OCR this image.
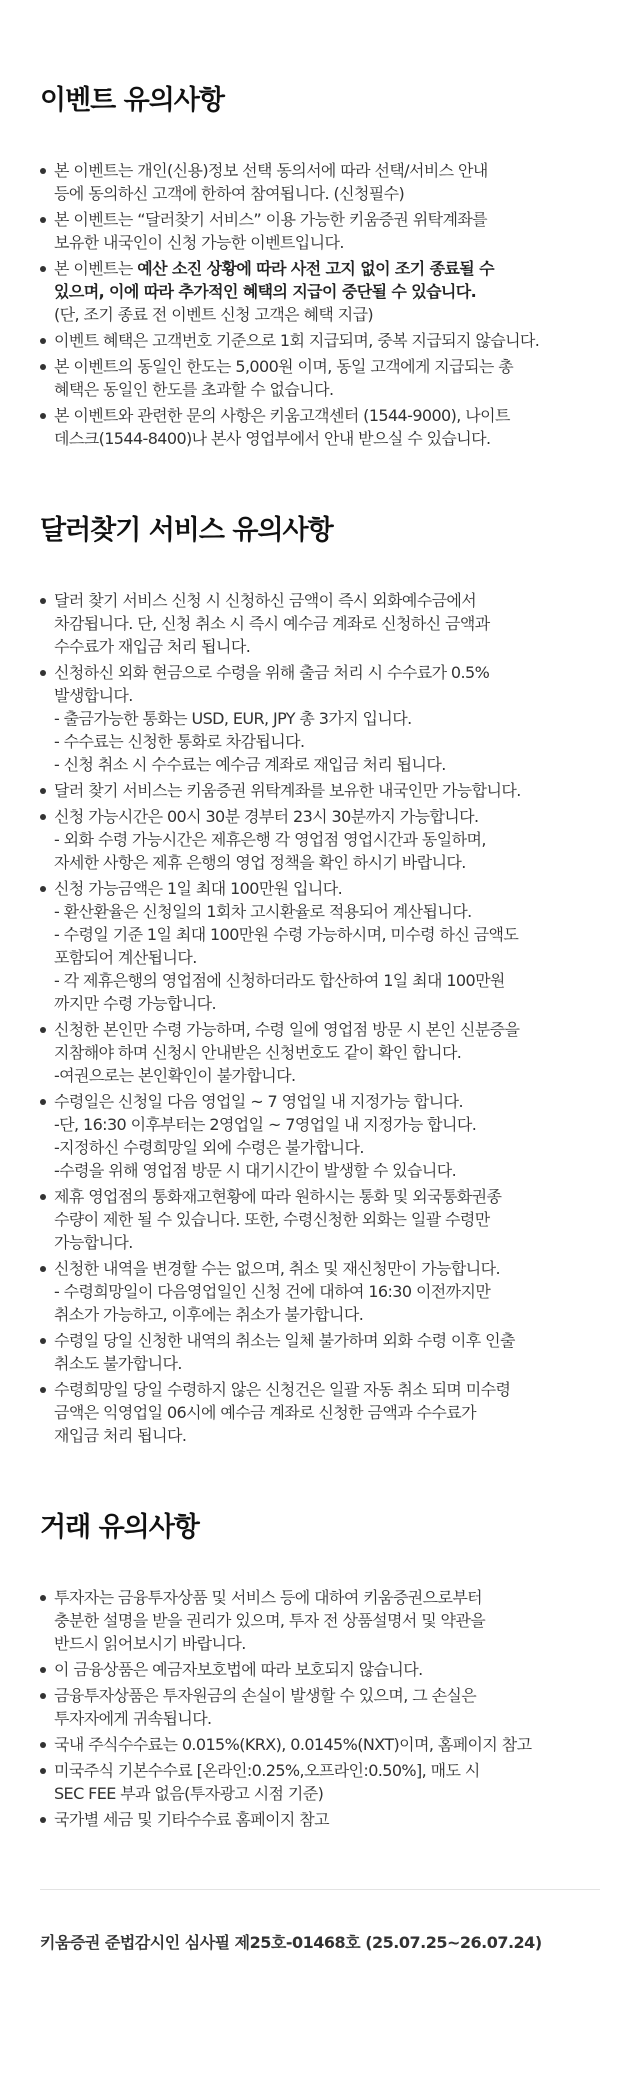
이벤트 유의사항
본 이벤트는 개인(신용)정보 선택 동의서에 따라 선택/서비스 안내
등에 동의하신 고객에 한하여 참여됩니다. (신청필수)
본 이벤트는 “달러찾기 서비스” 이용 가능한 키움증권 위탁계좌를
보유한 내국인이 신청 가능한 이벤트입니다.
본 이벤트는 예산 소진 상황에 따라 사전 고지 없이 조기 종료될 수
있으며, 이에 따라 추가적인 혜택의 지급이 중단될 수 있습니다.
(단, 조기 종료 전 이벤트 신청 고객은 혜택 지급)
이벤트 혜택은 고객번호 기준으로 1회 지급되며, 중복 지급되지 않습니다.
본 이벤트의 동일인 한도는 5,000원 이며, 동일 고객에게 지급되는 총
혜택은 동일인 한도를 초과할 수 없습니다.
본 이벤트와 관련한 문의 사항은 키움고객센터 (1544-9000), 나이트
데스크(1544-8400)나 본사 영업부에서 안내 받으실 수 있습니다.
달러찾기 서비스 유의사항
달러 찾기 서비스 신청 시 신청하신 금액이 즉시 외화예수금에서
차감됩니다. 단, 신청 취소 시 즉시 예수금 계좌로 신청하신 금액과
수수료가 재입금 처리 됩니다.
신청하신 외화 현금으로 수령을 위해 출금 처리 시 수수료가 0.5%
발생합니다.
- 출금가능한 통화는 USD, EUR, JPY 총 3가지 입니다.
- 수수료는 신청한 통화로 차감됩니다.
- 신청 취소 시 수수료는 예수금 계좌로 재입금 처리 됩니다.
달러 찾기 서비스는 키움증권 위탁계좌를 보유한 내국인만 가능합니다.
신청 가능시간은 00시 30분 경부터 23시 30분까지 가능합니다.
- 외화 수령 가능시간은 제휴은행 각 영업점 영업시간과 동일하며,
자세한 사항은 제휴 은행의 영업 정책을 확인 하시기 바랍니다.
신청 가능금액은 1일 최대 100만원 입니다.
- 환산환율은 신청일의 1회차 고시환율로 적용되어 계산됩니다.
- 수령일 기준 1일 최대 100만원 수령 가능하시며, 미수령 하신 금액도
포함되어 계산됩니다.
- 각 제휴은행의 영업점에 신청하더라도 합산하여 1일 최대 100만원
까지만 수령 가능합니다.
신청한 본인만 수령 가능하며, 수령 일에 영업점 방문 시 본인 신분증을
지참해야 하며 신청시 안내받은 신청번호도 같이 확인 합니다.
-여권으로는 본인확인이 불가합니다.
수령일은 신청일 다음 영업일 ~ 7 영업일 내 지정가능 합니다.
-단, 16:30 이후부터는 2영업일 ~ 7영업일 내 지정가능 합니다.
-지정하신 수령희망일 외에 수령은 불가합니다.
-수령을 위해 영업점 방문 시 대기시간이 발생할 수 있습니다.
제휴 영업점의 통화재고현황에 따라 원하시는 통화 및 외국통화권종
수량이 제한 될 수 있습니다. 또한, 수령신청한 외화는 일괄 수령만
가능합니다.
신청한 내역을 변경할 수는 없으며, 취소 및 재신청만이 가능합니다.
- 수령희망일이 다음영업일인 신청 건에 대하여 16:30 이전까지만
취소가 가능하고, 이후에는 취소가 불가합니다.
수령일 당일 신청한 내역의 취소는 일체 불가하며 외화 수령 이후 인출
취소도 불가합니다.
수령희망일 당일 수령하지 않은 신청건은 일괄 자동 취소 되며 미수령
금액은 익영업일 06시에 예수금 계좌로 신청한 금액과 수수료가
재입금 처리 됩니다.
거래 유의사항
투자자는 금융투자상품 및 서비스 등에 대하여 키움증권으로부터
충분한 설명을 받을 권리가 있으며, 투자 전 상품설명서 및 약관을
반드시 읽어보시기 바랍니다.
이 금융상품은 예금자보호법에 따라 보호되지 않습니다.
금융투자상품은 투자원금의 손실이 발생할 수 있으며, 그 손실은
투자자에게 귀속됩니다.
국내 주식수수료는 0.015%(KRX), 0.0145%(NXT)이며, 홈페이지 참고
미국주식 기본수수료 [온라인:0.25%,오프라인:0.50%], 매도 시
SEC FEE 부과 없음(투자광고 시점 기준)
국가별 세금 및 기타수수료 홈페이지 참고
키움증권 준법감시인 심사필 제25호-01468호 (25.07.25~26.07.24)
